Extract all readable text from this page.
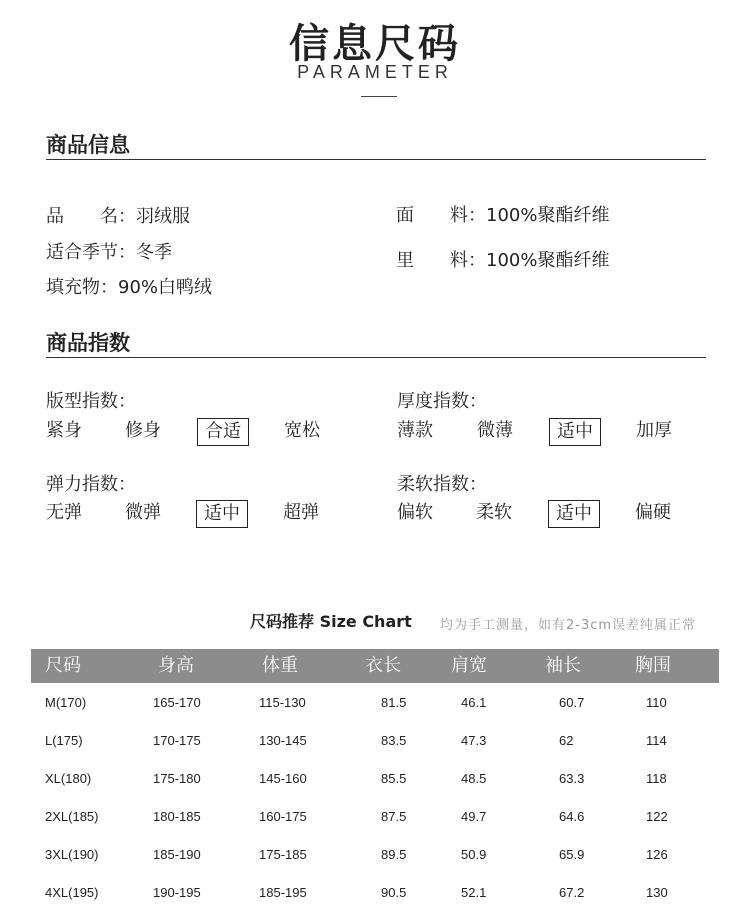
信息尺码
PARAMETER
商品信息
品　　名：羽绒服
适合季节：冬季
填充物：90%白鸭绒
面　　料：100%聚酯纤维
里　　料：100%聚酯纤维
商品指数
版型指数：
紧身 修身	合适	宽松
厚度指数：
薄款 微薄	适中	加厚
弹力指数：
无弹 微弹	适中	超弹
柔软指数：
偏软 柔软	适中	偏硬
尺码推荐 Size Chart 均为手工测量，如有2-3cm误差纯属正常
尺码	身高	体重	衣长	肩宽	袖长	胸围
M(170)	165-170	115-130	81.5	46.1	60.7	110
L(175)	170-175	130-145	83.5	47.3	62	114
XL(180)	175-180	145-160	85.5	48.5	63.3	118
2XL(185)	180-185	160-175	87.5	49.7	64.6	122
3XL(190)	185-190	175-185	89.5	50.9	65.9	126
4XL(195)	190-195	185-195	90.5	52.1	67.2	130
